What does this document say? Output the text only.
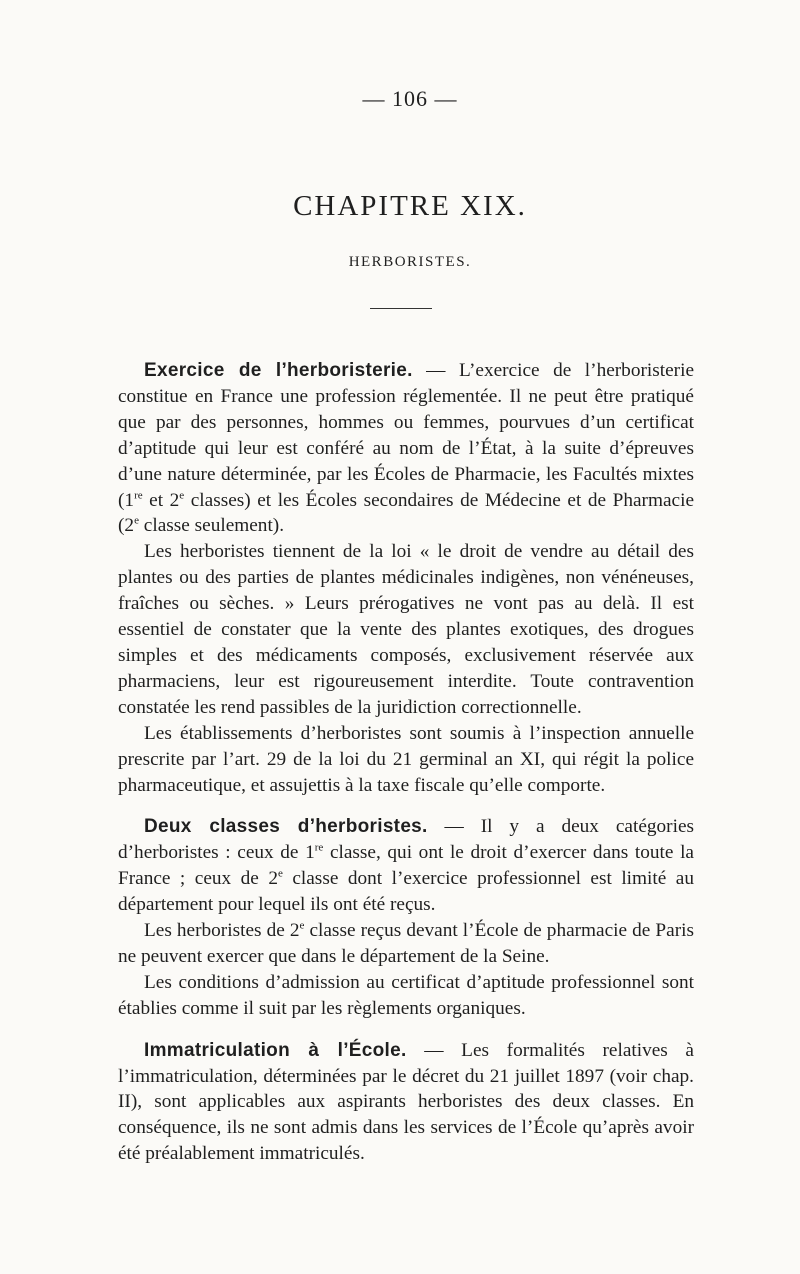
— 106 —
CHAPITRE XIX.
HERBORISTES.

Exercice de l’herboristerie. — L’exercice de l’herboristerie constitue en France une profession réglementée. Il ne peut être pratiqué que par des personnes, hommes ou femmes, pourvues d’un certificat d’aptitude qui leur est conféré au nom de l’État, à la suite d’épreuves d’une nature déterminée, par les Écoles de Pharmacie, les Facultés mixtes (1re et 2e classes) et les Écoles secondaires de Médecine et de Pharmacie (2e classe seulement).

Les herboristes tiennent de la loi « le droit de vendre au détail des plantes ou des parties de plantes médicinales indigènes, non vénéneuses, fraîches ou sèches. » Leurs prérogatives ne vont pas au delà. Il est essentiel de constater que la vente des plantes exotiques, des drogues simples et des médicaments composés, exclusivement réservée aux pharmaciens, leur est rigoureusement interdite. Toute contravention constatée les rend passibles de la juridiction correctionnelle.

Les établissements d’herboristes sont soumis à l’inspection annuelle prescrite par l’art. 29 de la loi du 21 germinal an XI, qui régit la police pharmaceutique, et assujettis à la taxe fiscale qu’elle comporte.

Deux classes d’herboristes. — Il y a deux catégories d’herboristes : ceux de 1re classe, qui ont le droit d’exercer dans toute la France ; ceux de 2e classe dont l’exercice professionnel est limité au département pour lequel ils ont été reçus.

Les herboristes de 2e classe reçus devant l’École de pharmacie de Paris ne peuvent exercer que dans le département de la Seine.

Les conditions d’admission au certificat d’aptitude professionnel sont établies comme il suit par les règlements organiques.

Immatriculation à l’École. — Les formalités relatives à l’immatriculation, déterminées par le décret du 21 juillet 1897 (voir chap. II), sont applicables aux aspirants herboristes des deux classes. En conséquence, ils ne sont admis dans les services de l’École qu’après avoir été préalablement immatriculés.
